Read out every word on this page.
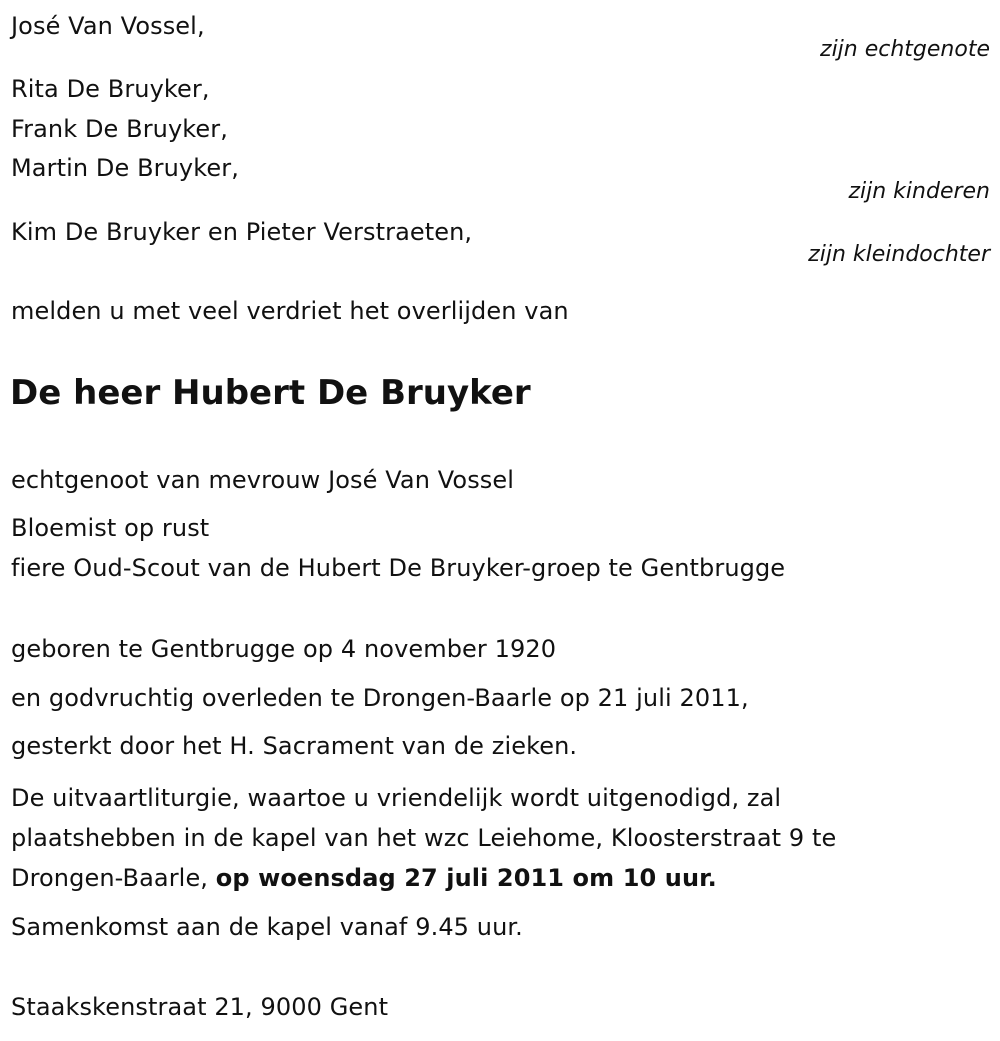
José Van Vossel,
zijn echtgenote
Rita De Bruyker,
Frank De Bruyker,
Martin De Bruyker,
zijn kinderen
Kim De Bruyker en Pieter Verstraeten,
zijn kleindochter
melden u met veel verdriet het overlijden van
De heer Hubert De Bruyker
echtgenoot van mevrouw José Van Vossel
Bloemist op rust
fiere Oud-Scout van de Hubert De Bruyker-groep te Gentbrugge
geboren te Gentbrugge op 4 november 1920
en godvruchtig overleden te Drongen-Baarle op 21 juli 2011,
gesterkt door het H. Sacrament van de zieken.
De uitvaartliturgie, waartoe u vriendelijk wordt uitgenodigd, zal
plaatshebben in de kapel van het wzc Leiehome, Kloosterstraat 9 te
Drongen-Baarle, op woensdag 27 juli 2011 om 10 uur.
Samenkomst aan de kapel vanaf 9.45 uur.
Staakskenstraat 21, 9000 Gent
